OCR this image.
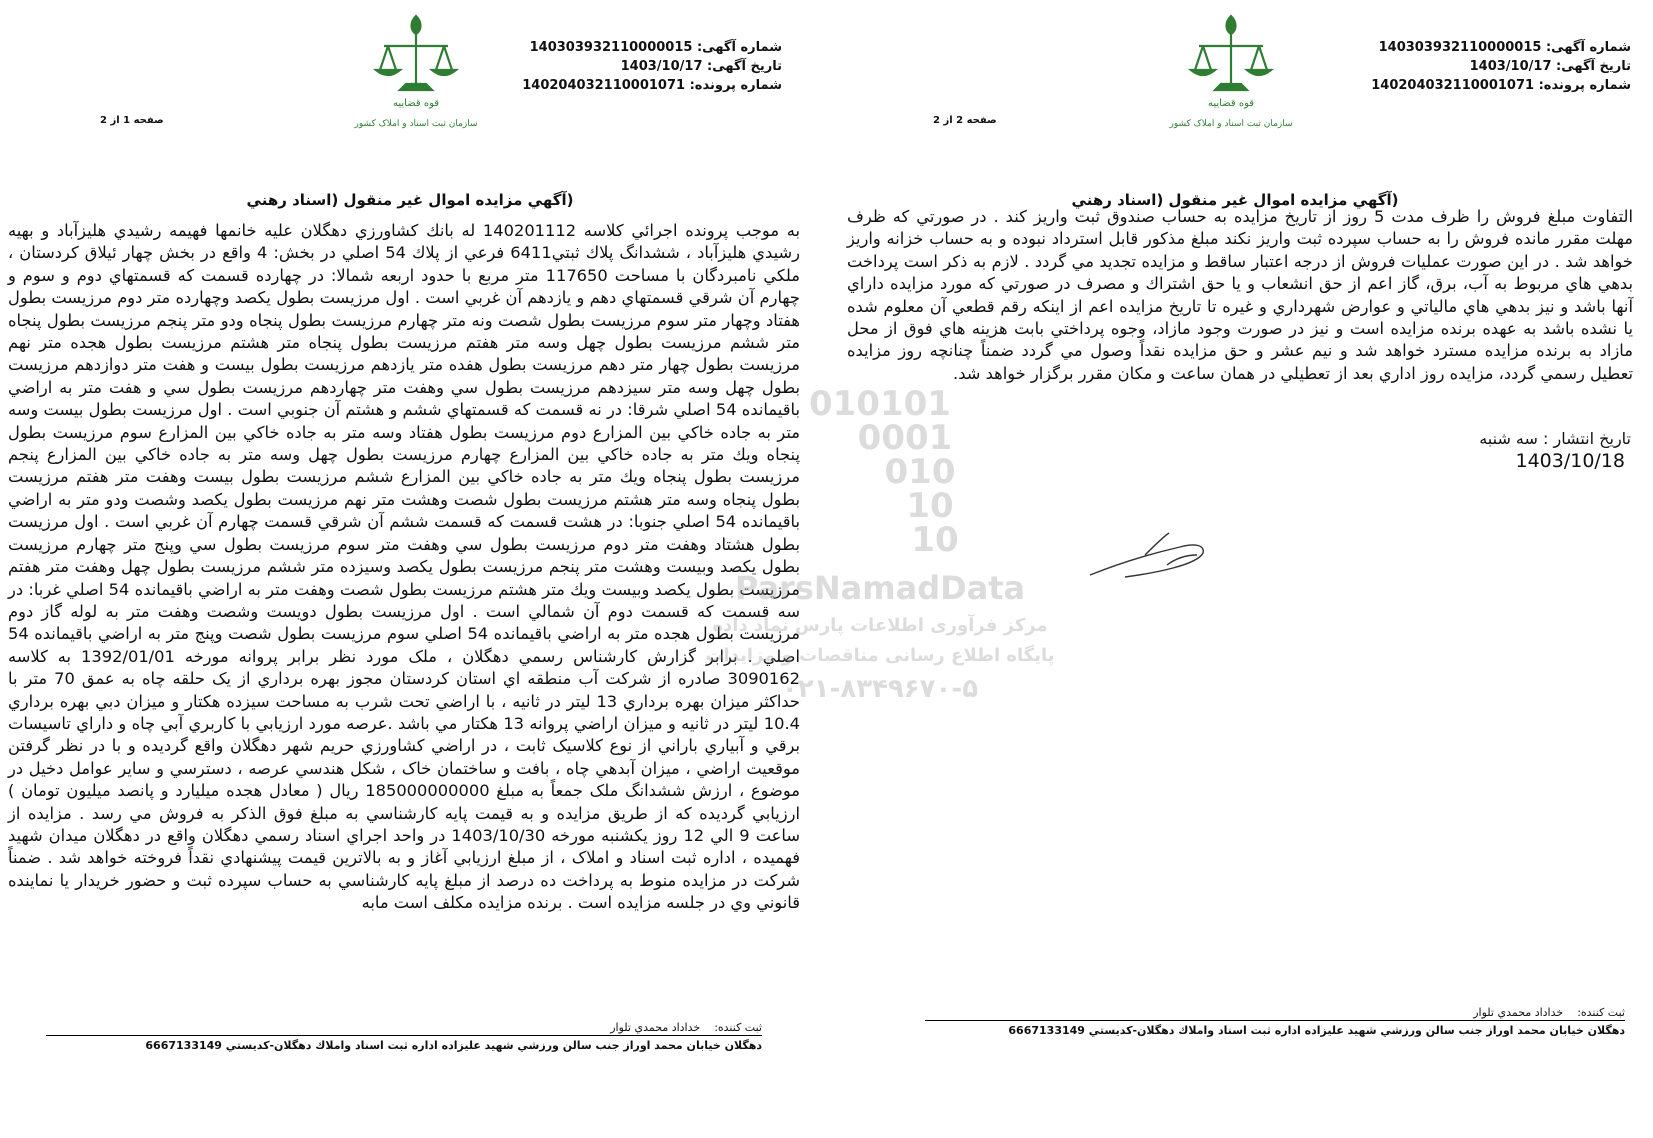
شماره آگهی: 140303932110000015
تاریخ آگهی: 1403/10/17
شماره پرونده: 140204032110001071
قوه قضاییه
سازمان ثبت اسناد و املاک کشور
صفحه 1 از 2
(آگهي مزايده اموال غير منقول (اسناد رهني
به موجب پرونده اجرائي كلاسه 140201112 له بانك كشاورزي دهگلان عليه خانمها فهيمه رشيدي هليزآباد و بهيه رشيدي هليزآباد ، ششدانگ پلاك ثبتي6411 فرعي از پلاك 54 اصلي در بخش: 4 واقع در بخش چهار ئيلاق كردستان ، ملكي نامبردگان با مساحت 117650 متر مربع با حدود اربعه شمالا: در چهارده قسمت كه قسمتهاي دوم و سوم و چهارم آن شرقي قسمتهاي دهم و يازدهم آن غربي است . اول مرزيست بطول يكصد وچهارده متر دوم مرزيست بطول هفتاد وچهار متر سوم مرزيست بطول شصت ونه متر چهارم مرزيست بطول پنجاه ودو متر پنجم مرزيست بطول پنجاه متر ششم مرزيست بطول چهل وسه متر هفتم مرزيست بطول پنجاه متر هشتم مرزيست بطول هجده متر نهم مرزيست بطول چهار متر دهم مرزيست بطول هفده متر يازدهم مرزيست بطول بيست و هفت متر دوازدهم مرزيست بطول چهل وسه متر سيزدهم مرزيست بطول سي وهفت متر چهاردهم مرزيست بطول سي و هفت متر به اراضي باقيمانده 54 اصلي شرقا: در نه قسمت كه قسمتهاي ششم و هشتم آن جنوبي است . اول مرزيست بطول بيست وسه متر به جاده خاكي بين المزارع دوم مرزيست بطول هفتاد وسه متر به جاده خاكي بين المزارع سوم مرزيست بطول پنجاه ويك متر به جاده خاكي بين المزارع چهارم مرزيست بطول چهل وسه متر به جاده خاكي بين المزارع پنجم مرزيست بطول پنجاه ويك متر به جاده خاكي بين المزارع ششم مرزيست بطول بيست وهفت متر هفتم مرزيست بطول پنجاه وسه متر هشتم مرزيست بطول شصت وهشت متر نهم مرزيست بطول يكصد وشصت ودو متر به اراضي باقيمانده 54 اصلي جنوبا: در هشت قسمت كه قسمت ششم آن شرقي قسمت چهارم آن غربي است . اول مرزيست بطول هشتاد وهفت متر دوم مرزيست بطول سي وهفت متر سوم مرزيست بطول سي وپنج متر چهارم مرزيست بطول يكصد وبيست وهشت متر پنجم مرزيست بطول يكصد وسيزده متر ششم مرزيست بطول چهل وهفت متر هفتم مرزيست بطول يكصد وبيست ويك متر هشتم مرزيست بطول شصت وهفت متر به اراضي باقيمانده 54 اصلي غربا: در سه قسمت كه قسمت دوم آن شمالي است . اول مرزيست بطول دويست وشصت وهفت متر به لوله گاز دوم مرزيست بطول هجده متر به اراضي باقيمانده 54 اصلي سوم مرزيست بطول شصت وپنج متر به اراضي باقيمانده 54 اصلي . برابر گزارش كارشناس رسمي دهگلان ، ملک مورد نظر برابر پروانه مورخه 1392/01/01 به كلاسه 3090162 صادره از شركت آب منطقه اي استان كردستان مجوز بهره برداري از يک حلقه چاه به عمق 70 متر با حداكثر ميزان بهره برداري 13 ليتر در ثانيه ، با اراضي تحت شرب به مساحت سيزده هكتار و ميزان دبي بهره برداري 10.4 ليتر در ثانيه و ميزان اراضي پروانه 13 هكتار مي باشد .عرصه مورد ارزيابي با كاربري آبي چاه و داراي تاسيسات برقي و آبياري باراني از نوع كلاسيک ثابت ، در اراضي كشاورزي حريم شهر دهگلان واقع گرديده و با در نظر گرفتن موقعيت اراضي ، ميزان آبدهي چاه ، بافت و ساختمان خاک ، شكل هندسي عرصه ، دسترسي و ساير عوامل دخيل در موضوع ، ارزش ششدانگ ملک جمعاً به مبلغ 185000000000 ريال ( معادل هجده ميليارد و پانصد ميليون تومان ) ارزيابي گرديده كه از طريق مزايده و به قيمت پايه كارشناسي به مبلغ فوق الذكر به فروش مي رسد . مزايده از ساعت 9 الي 12 روز يكشنبه مورخه 1403/10/30 در واحد اجراي اسناد رسمي دهگلان واقع در دهگلان ميدان شهيد فهميده ، اداره ثبت اسناد و املاک ، از مبلغ ارزيابي آغاز و به بالاترين قيمت پيشنهادي نقداً فروخته خواهد شد . ضمناً شركت در مزايده منوط به پرداخت ده درصد از مبلغ پايه كارشناسي به حساب سپرده ثبت و حضور خريدار يا نماينده قانوني وي در جلسه مزايده است . برنده مزايده مكلف است مابه
ثبت كننده:    خداداد محمدي تلوار
دهگلان خيابان محمد اوراز جنب سالن ورزشي شهيد عليزاده اداره ثبت اسناد واملاك دهگلان-كديستي 6667133149
شماره آگهی: 140303932110000015
تاریخ آگهی: 1403/10/17
شماره پرونده: 140204032110001071
قوه قضاییه
سازمان ثبت اسناد و املاک کشور
صفحه 2 از 2
(آگهي مزايده اموال غير منقول (اسناد رهني
التفاوت مبلغ فروش را ظرف مدت 5 روز از تاريخ مزايده به حساب صندوق ثبت واريز كند . در صورتي كه ظرف مهلت مقرر مانده فروش را به حساب سپرده ثبت واريز نكند مبلغ مذكور قابل استرداد نبوده و به حساب خزانه واريز خواهد شد . در اين صورت عمليات فروش از درجه اعتبار ساقط و مزايده تجديد مي گردد . لازم به ذكر است پرداخت بدهي هاي مربوط به آب، برق، گاز اعم از حق انشعاب و يا حق اشتراك و مصرف در صورتي كه مورد مزايده داراي آنها باشد و نيز بدهي هاي مالياتي و عوارض شهرداري و غيره تا تاريخ مزايده اعم از اينكه رقم قطعي آن معلوم شده يا نشده باشد به عهده برنده مزايده است و نيز در صورت وجود مازاد، وجوه پرداختي بابت هزينه هاي فوق از محل مازاد به برنده مزايده مسترد خواهد شد و نيم عشر و حق مزايده نقداً وصول مي گردد ضمناً چنانچه روز مزايده تعطيل رسمي گردد، مزايده روز اداري بعد از تعطيلي در همان ساعت و مكان مقرر برگزار خواهد شد.
تاريخ انتشار : سه شنبه
1403/10/18
ثبت كننده:    خداداد محمدي تلوار
دهگلان خيابان محمد اوراز جنب سالن ورزشي شهيد عليزاده اداره ثبت اسناد واملاك دهگلان-كديستي 6667133149
010101
0001
010
10
10
ParsNamadData
مرکز فرآوری اطلاعات پارس نماد داده
پایگاه اطلاع رسانی مناقصات و مزایدات
۰۲۱-۸۳۴۹۶۷۰-۵
